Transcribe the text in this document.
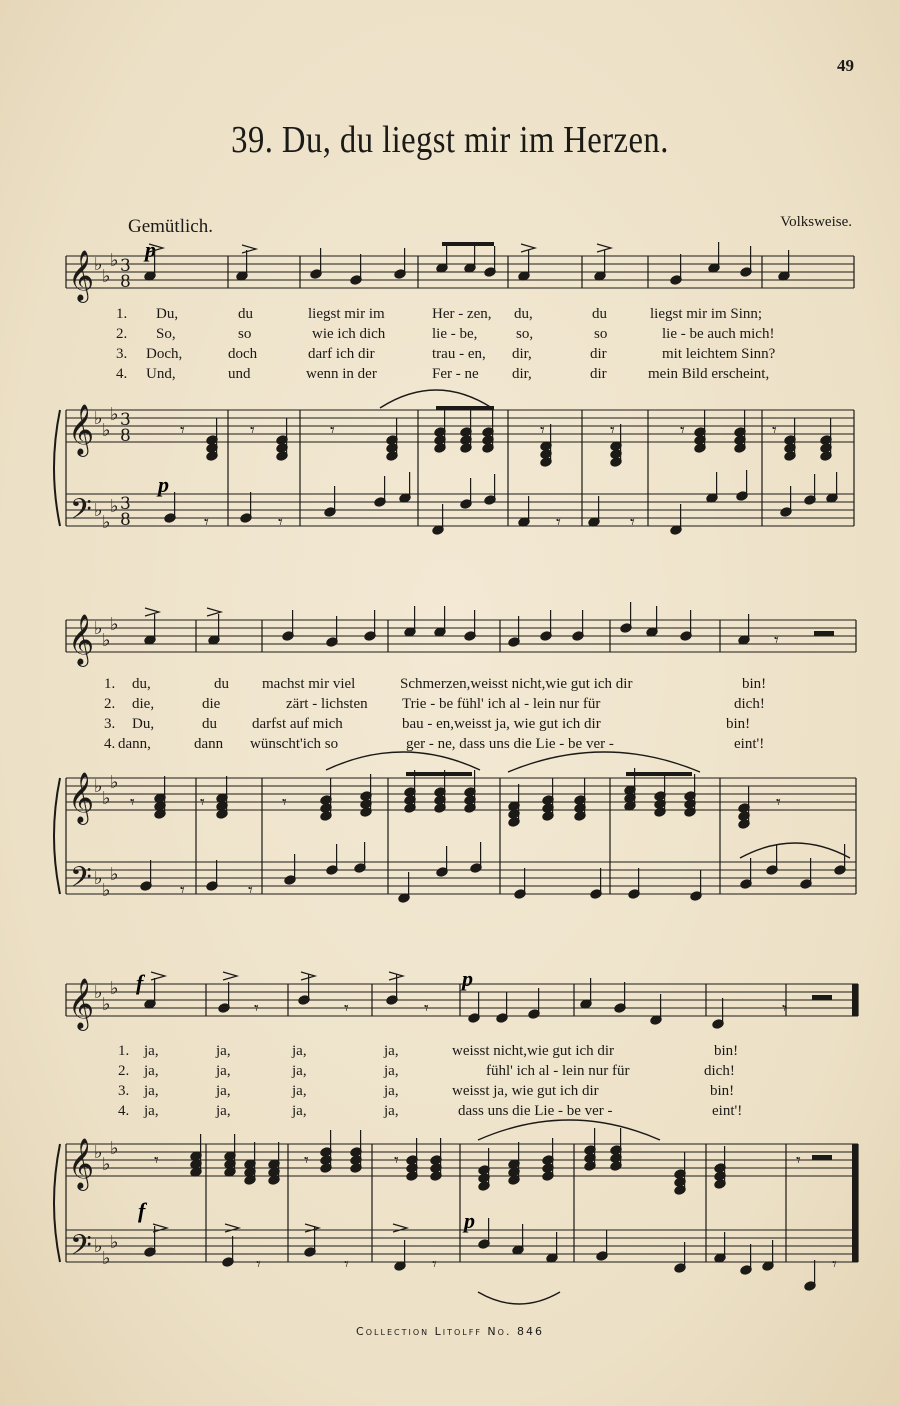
49
39. Du, du liegst mir im Herzen.
Gemütlich.	Volksweise.
p
p
f	p
f	p
𝄞 ♭
♭
♭ 3
8
𝄞 ♭
♭
♭ 3
8
𝄢 ♭
♭
♭ 3
8
𝄾	𝄾	𝄾	𝄾	𝄾	𝄾	𝄾
𝄾	𝄾	𝄾	𝄾
𝄞 ♭
♭
♭
𝄞 ♭
♭
♭
𝄢 ♭
♭
♭
𝄾
𝄾	𝄾	𝄾	𝄾
𝄾	𝄾
𝄞 ♭
♭
♭
𝄞 ♭
♭
♭
𝄢 ♭
♭
♭
𝄾	𝄾	𝄾	𝄾
𝄾	𝄾	𝄾	𝄾	𝄾
𝄾	𝄾	𝄾	𝄾
1. Du,	du	liegst mir im	Her - zen, du,	du	liegst mir im Sinn;
2. So,	so	wie ich dich	lie - be,	so,	so	lie - be auch mich!
3. Doch,	doch	darf ich dir	trau - en, dir,	dir	mit leichtem Sinn?
4. Und,	und	wenn in der	Fer - ne dir,	dir	mein Bild erscheint,
1. du,	du machst mir viel	Schmerzen,weisst nicht,wie gut ich dir	bin!
2. die,	die	zärt - lichsten Trie - be fühl' ich al - lein nur für	dich!
3. Du,	du darfst auf mich	bau - en,weisst ja, wie gut ich dir	bin!
4. dann,	dann wünscht'ich so	ger - ne, dass uns die Lie - be ver -	eint'!
1. ja,	ja,	ja,	ja,	weisst nicht,wie gut ich dir	bin!
2. ja,	ja,	ja,	ja,	fühl' ich al - lein nur für	dich!
3. ja,	ja,	ja,	ja,	weisst ja, wie gut ich dir	bin!
4. ja,	ja,	ja,	ja,	dass uns die Lie - be ver -	eint'!
Collection Litolff No. 846
